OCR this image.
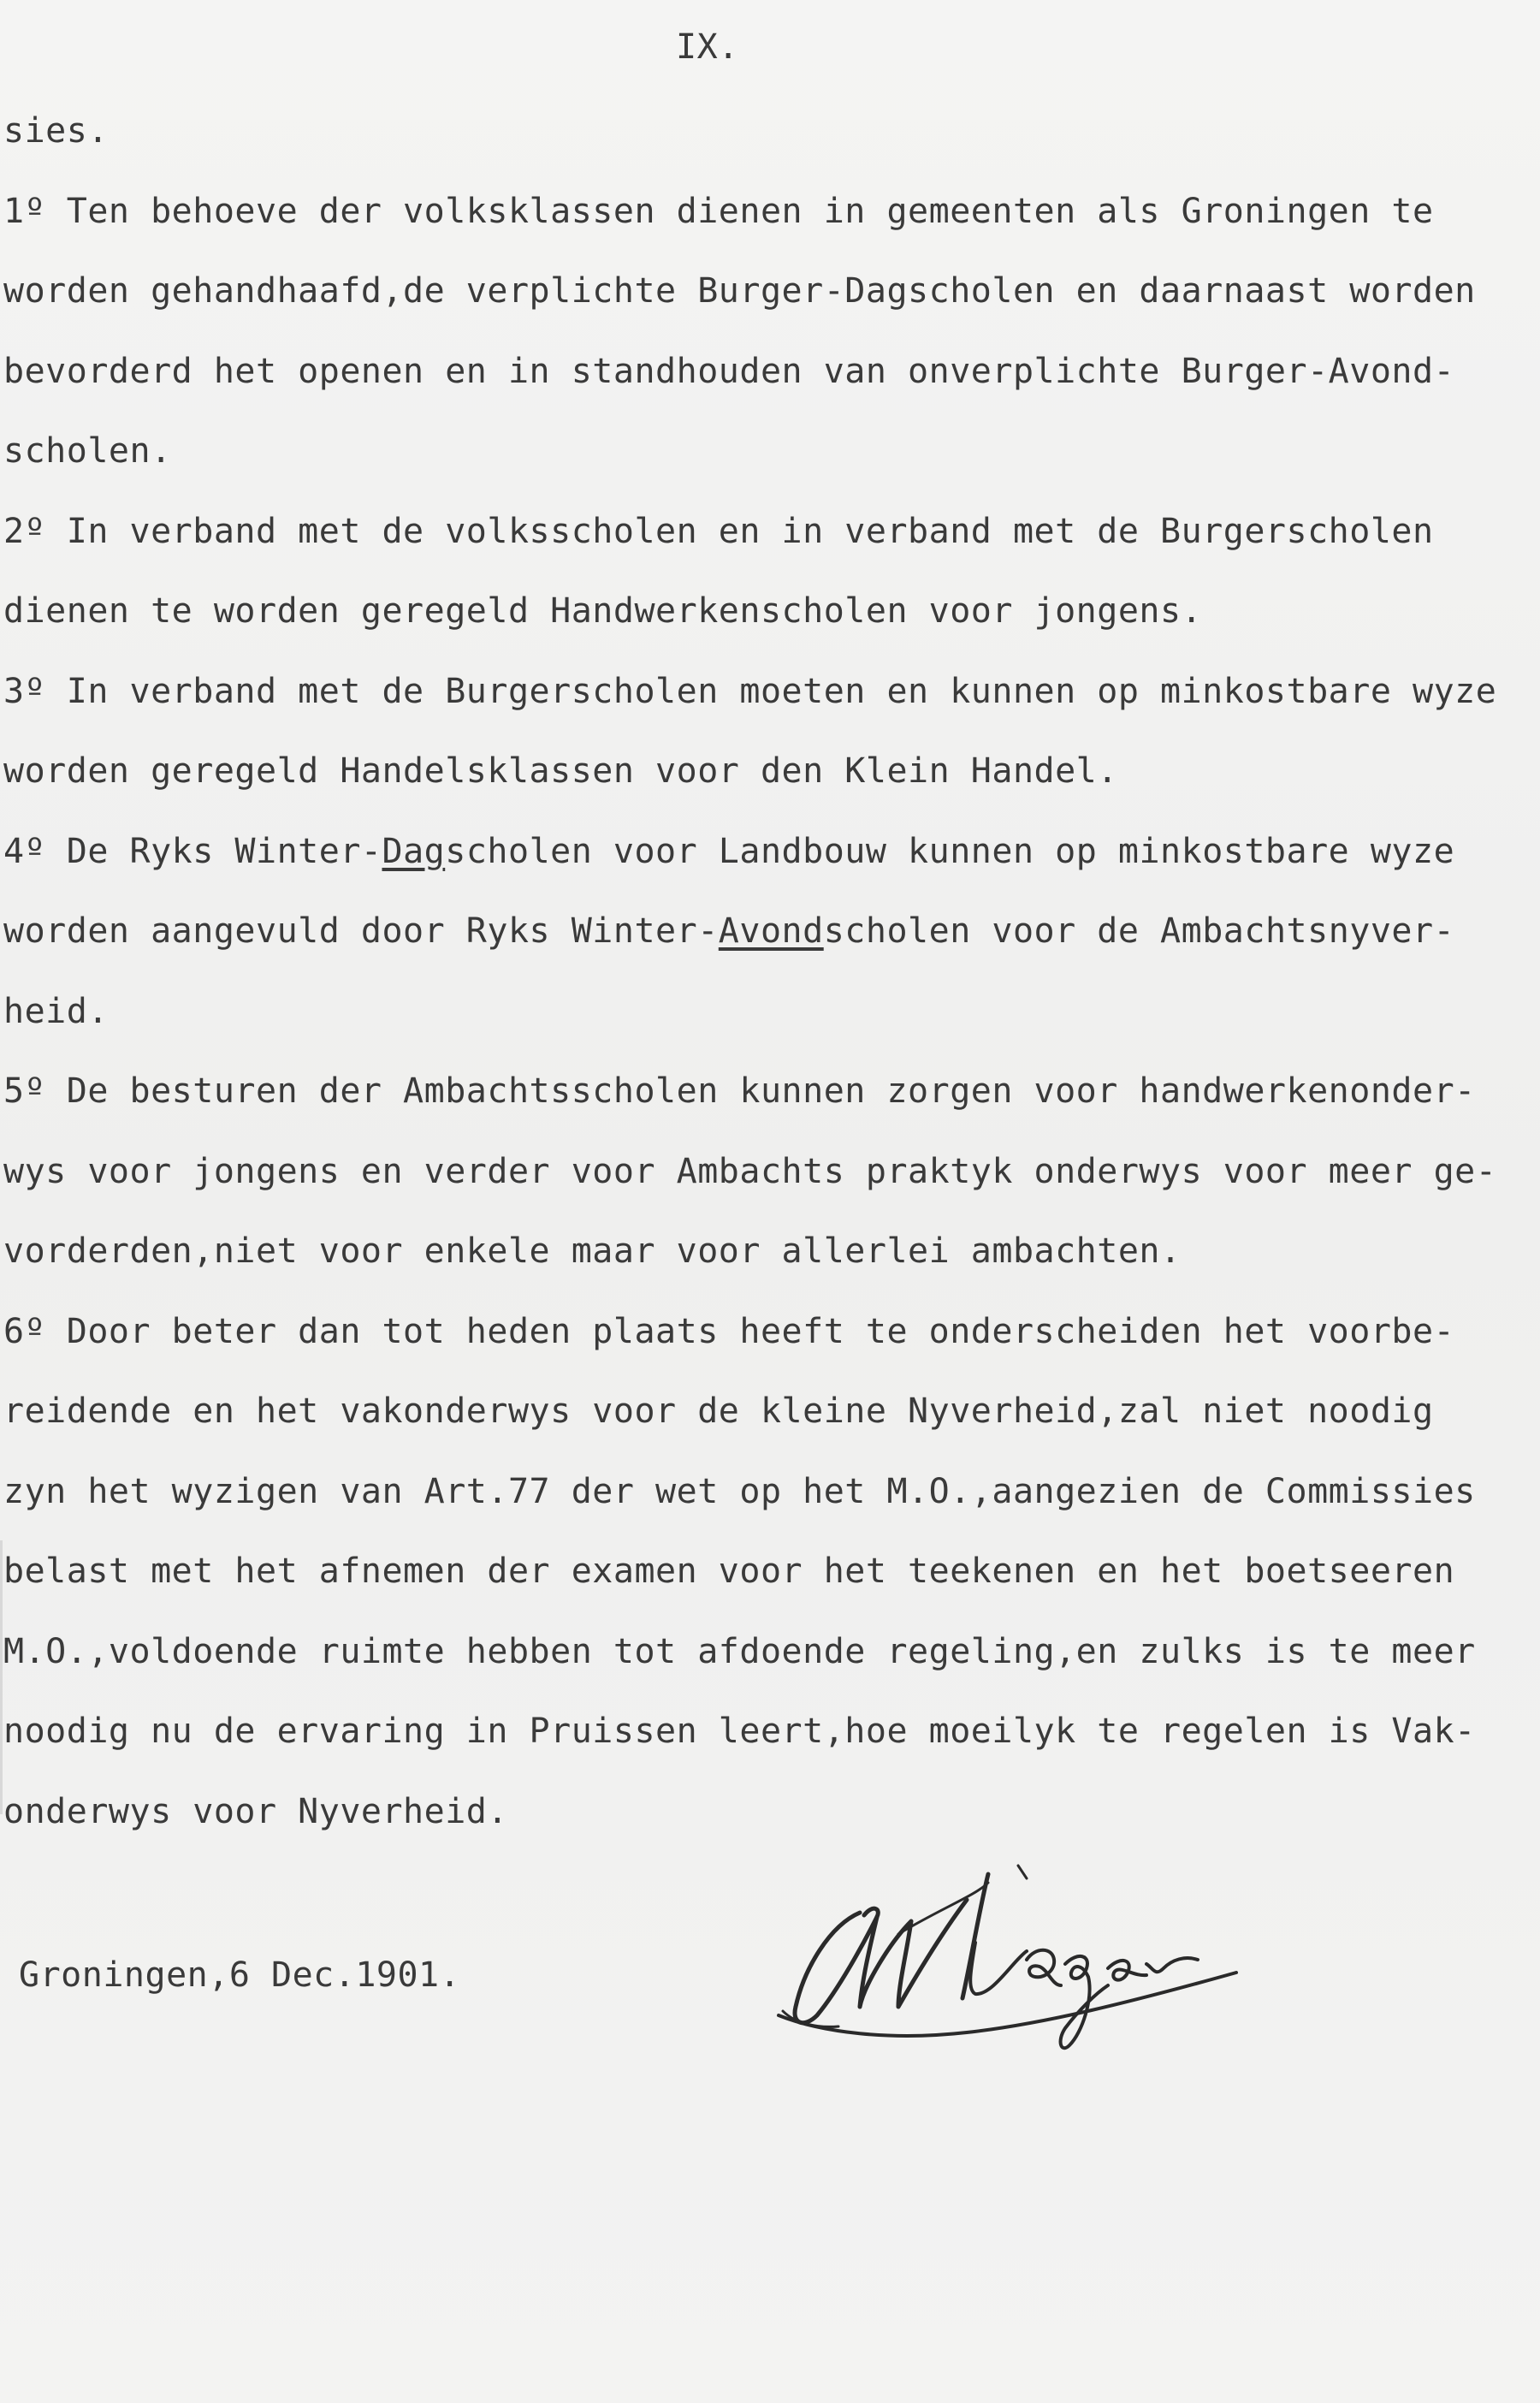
IX.
sies.
1º Ten behoeve der volksklassen dienen in gemeenten als Groningen te
worden gehandhaafd,de verplichte Burger-Dagscholen en daarnaast worden
bevorderd het openen en in standhouden van onverplichte Burger-Avond-
scholen.
2º In verband met de volksscholen en in verband met de Burgerscholen
dienen te worden geregeld Handwerkenscholen voor jongens.
3º In verband met de Burgerscholen moeten en kunnen op minkostbare wyze
worden geregeld Handelsklassen voor den Klein Handel.
4º De Ryks Winter-Dagscholen voor Landbouw kunnen op minkostbare wyze
worden aangevuld door Ryks Winter-Avondscholen voor de Ambachtsnyver-
heid.
5º De besturen der Ambachtsscholen kunnen zorgen voor handwerkenonder-
wys voor jongens en verder voor Ambachts praktyk onderwys voor meer ge-
vorderden,niet voor enkele maar voor allerlei ambachten.
6º Door beter dan tot heden plaats heeft te onderscheiden het voorbe-
reidende en het vakonderwys voor de kleine Nyverheid,zal niet noodig
zyn het wyzigen van Art.77 der wet op het M.O.,aangezien de Commissies
belast met het afnemen der examen voor het teekenen en het boetseeren
M.O.,voldoende ruimte hebben tot afdoende regeling,en zulks is te meer
noodig nu de ervaring in Pruissen leert,hoe moeilyk te regelen is Vak-
onderwys voor Nyverheid.
Groningen,6 Dec.1901.
